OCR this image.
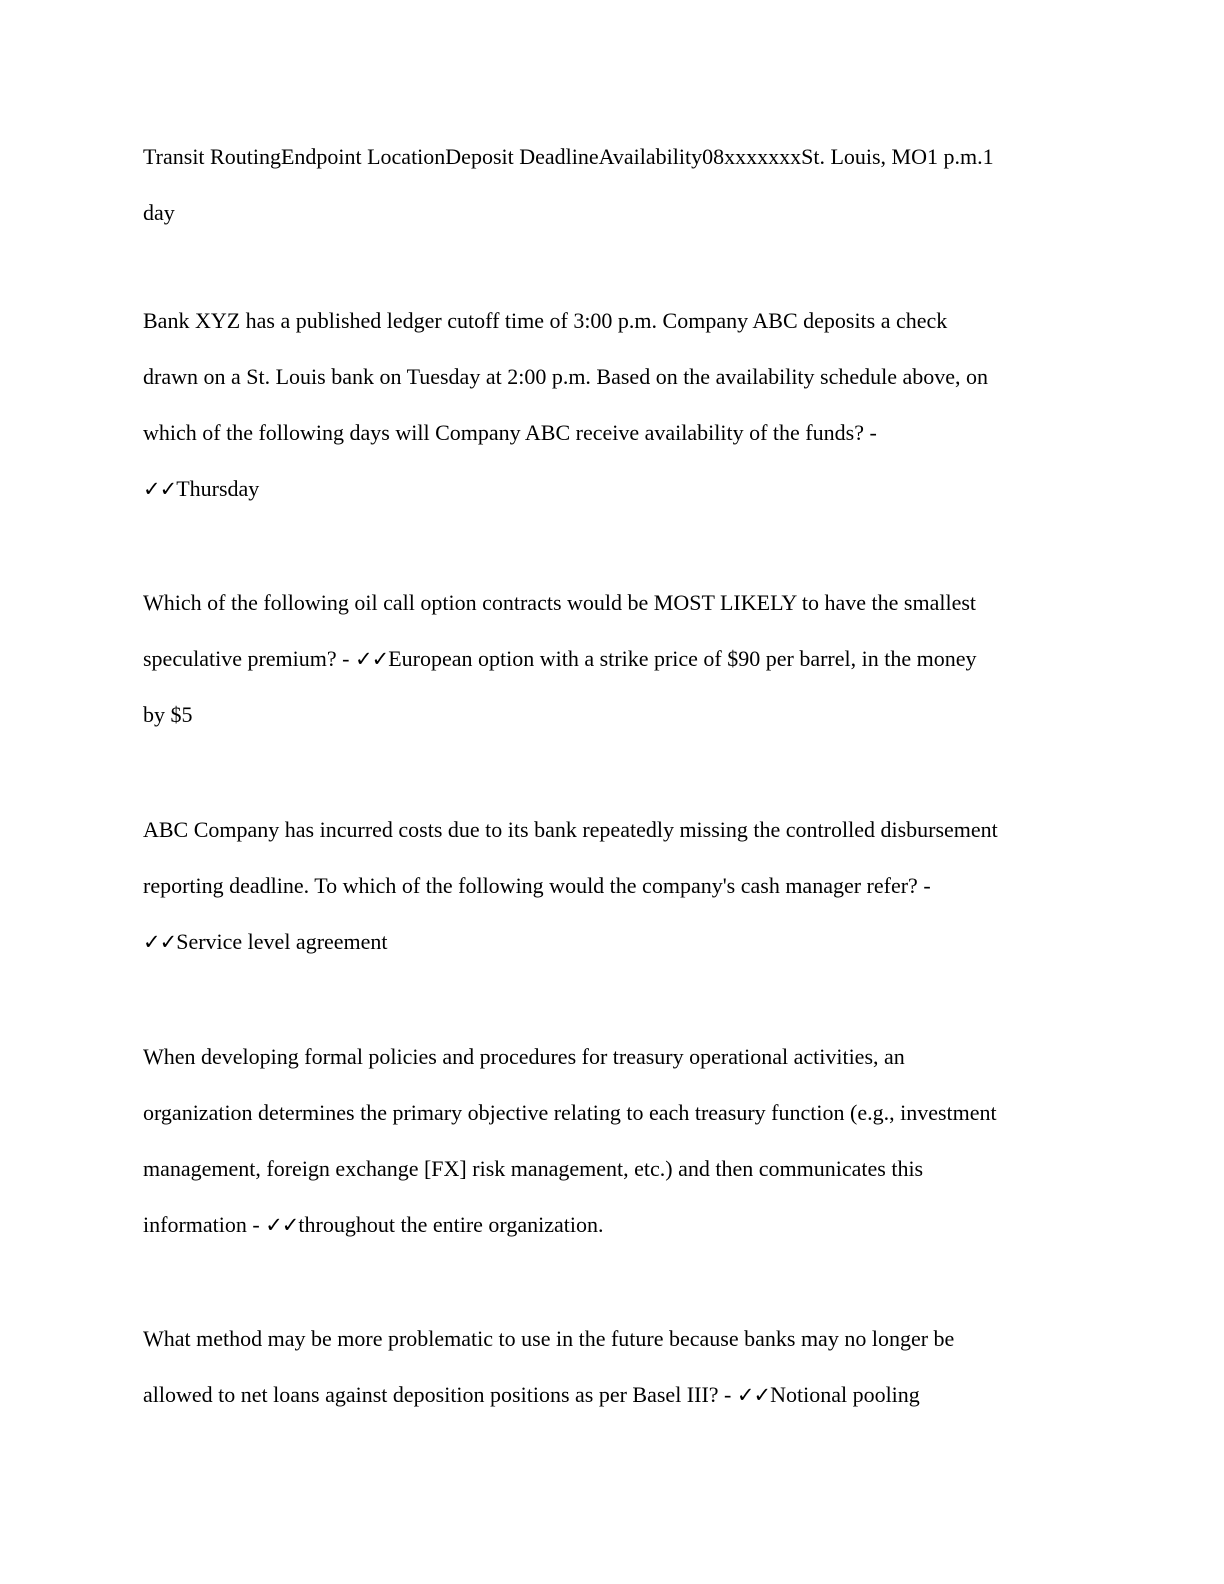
Transit RoutingEndpoint LocationDeposit DeadlineAvailability08xxxxxxxSt. Louis, MO1 p.m.1
day

Bank XYZ has a published ledger cutoff time of 3:00 p.m. Company ABC deposits a check
drawn on a St. Louis bank on Tuesday at 2:00 p.m. Based on the availability schedule above, on
which of the following days will Company ABC receive availability of the funds? -
✓✓Thursday

Which of the following oil call option contracts would be MOST LIKELY to have the smallest
speculative premium? - ✓✓European option with a strike price of $90 per barrel, in the money
by $5

ABC Company has incurred costs due to its bank repeatedly missing the controlled disbursement
reporting deadline. To which of the following would the company's cash manager refer? -
✓✓Service level agreement

When developing formal policies and procedures for treasury operational activities, an
organization determines the primary objective relating to each treasury function (e.g., investment
management, foreign exchange [FX] risk management, etc.) and then communicates this
information - ✓✓throughout the entire organization.

What method may be more problematic to use in the future because banks may no longer be
allowed to net loans against deposition positions as per Basel III? - ✓✓Notional pooling
